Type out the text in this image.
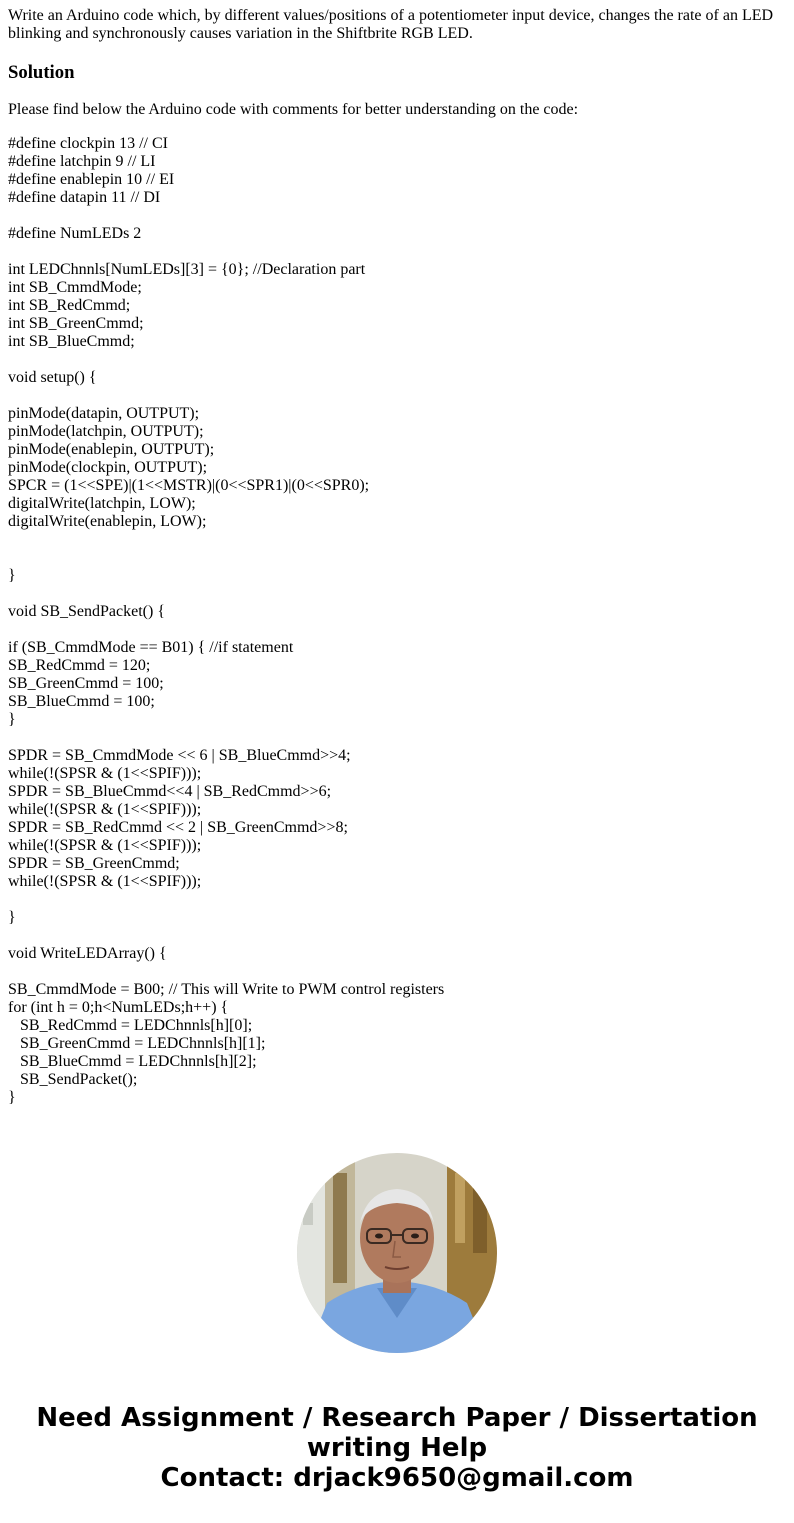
Write an Arduino code which, by different values/positions of a potentiometer input device, changes the rate of an LED blinking and synchronously causes variation in the Shiftbrite RGB LED.

Solution

Please find below the Arduino code with comments for better understanding on the code:

#define clockpin 13 // CI
#define latchpin 9 // LI
#define enablepin 10 // EI
#define datapin 11 // DI
#define NumLEDs 2
int LEDChnnls[NumLEDs][3] = {0}; //Declaration part
int SB_CmmdMode;
int SB_RedCmmd;
int SB_GreenCmmd;
int SB_BlueCmmd;
void setup() {
pinMode(datapin, OUTPUT);
pinMode(latchpin, OUTPUT);
pinMode(enablepin, OUTPUT);
pinMode(clockpin, OUTPUT);
SPCR = (1<<SPE)|(1<<MSTR)|(0<<SPR1)|(0<<SPR0);
digitalWrite(latchpin, LOW);
digitalWrite(enablepin, LOW);
}
void SB_SendPacket() {
if (SB_CmmdMode == B01) { //if statement
SB_RedCmmd = 120;
SB_GreenCmmd = 100;
SB_BlueCmmd = 100;
}
SPDR = SB_CmmdMode << 6 | SB_BlueCmmd>>4;
while(!(SPSR & (1<<SPIF)));
SPDR = SB_BlueCmmd<<4 | SB_RedCmmd>>6;
while(!(SPSR & (1<<SPIF)));
SPDR = SB_RedCmmd << 2 | SB_GreenCmmd>>8;
while(!(SPSR & (1<<SPIF)));
SPDR = SB_GreenCmmd;
while(!(SPSR & (1<<SPIF)));
}
void WriteLEDArray() {
SB_CmmdMode = B00; // This will Write to PWM control registers
for (int h = 0;h<NumLEDs;h++) {
SB_RedCmmd = LEDChnnls[h][0];
SB_GreenCmmd = LEDChnnls[h][1];
SB_BlueCmmd = LEDChnnls[h][2];
SB_SendPacket();
}
Need Assignment / Research Paper / Dissertation
writing Help
Contact: drjack9650@gmail.com
